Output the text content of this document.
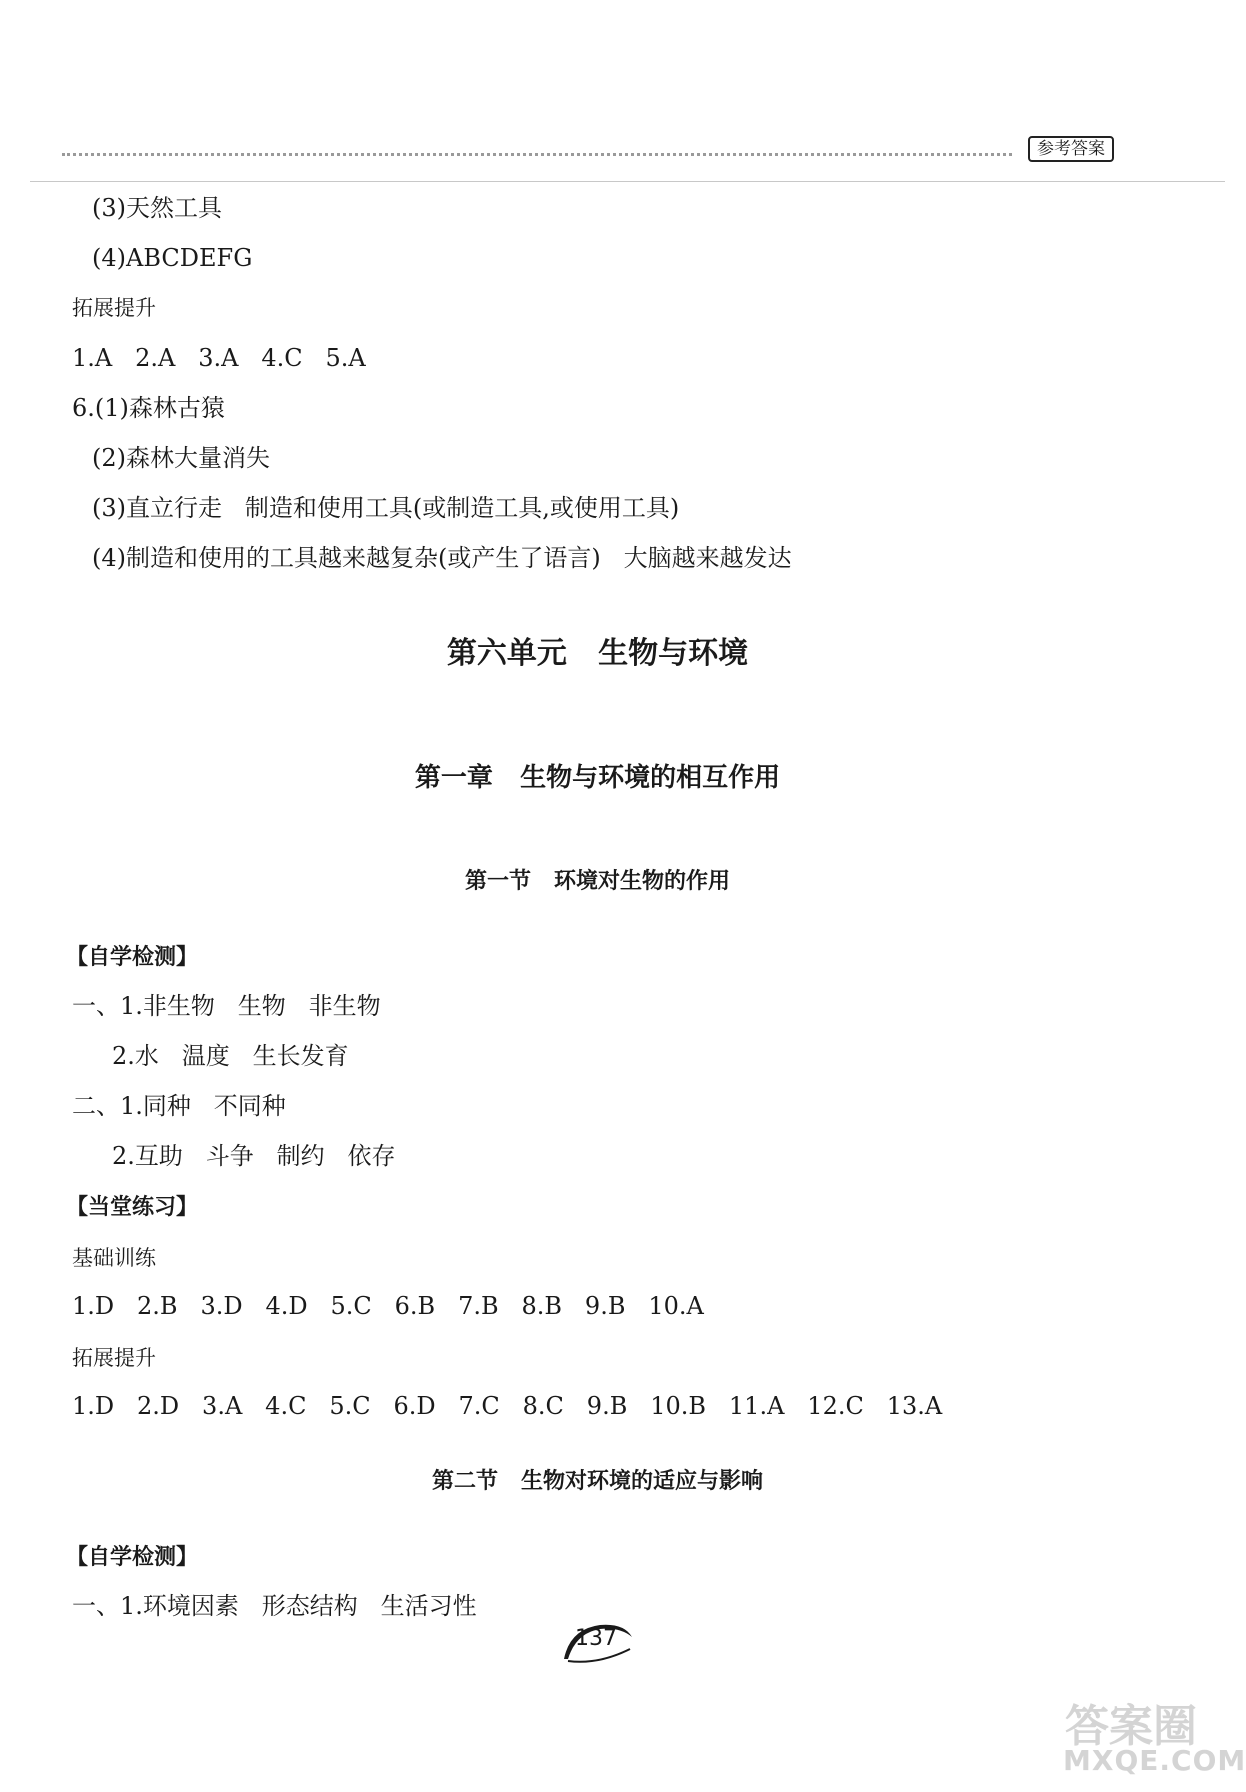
参考答案
(3)天然工具
(4)ABCDEFG
拓展提升
1.A   2.A   3.A   4.C   5.A
6.(1)森林古猿
(2)森林大量消失
(3)直立行走   制造和使用工具(或制造工具,或使用工具)
(4)制造和使用的工具越来越复杂(或产生了语言)   大脑越来越发达
第六单元   生物与环境
第一章   生物与环境的相互作用
第一节   环境对生物的作用
【自学检测】
一、1.非生物   生物   非生物
2.水   温度   生长发育
二、1.同种   不同种
2.互助   斗争   制约   依存
【当堂练习】
基础训练
1.D   2.B   3.D   4.D   5.C   6.B   7.B   8.B   9.B   10.A
拓展提升
1.D   2.D   3.A   4.C   5.C   6.D   7.C   8.C   9.B   10.B   11.A   12.C   13.A
第二节   生物对环境的适应与影响
【自学检测】
一、1.环境因素   形态结构   生活习性
137
答案圈
MXQE.COM
